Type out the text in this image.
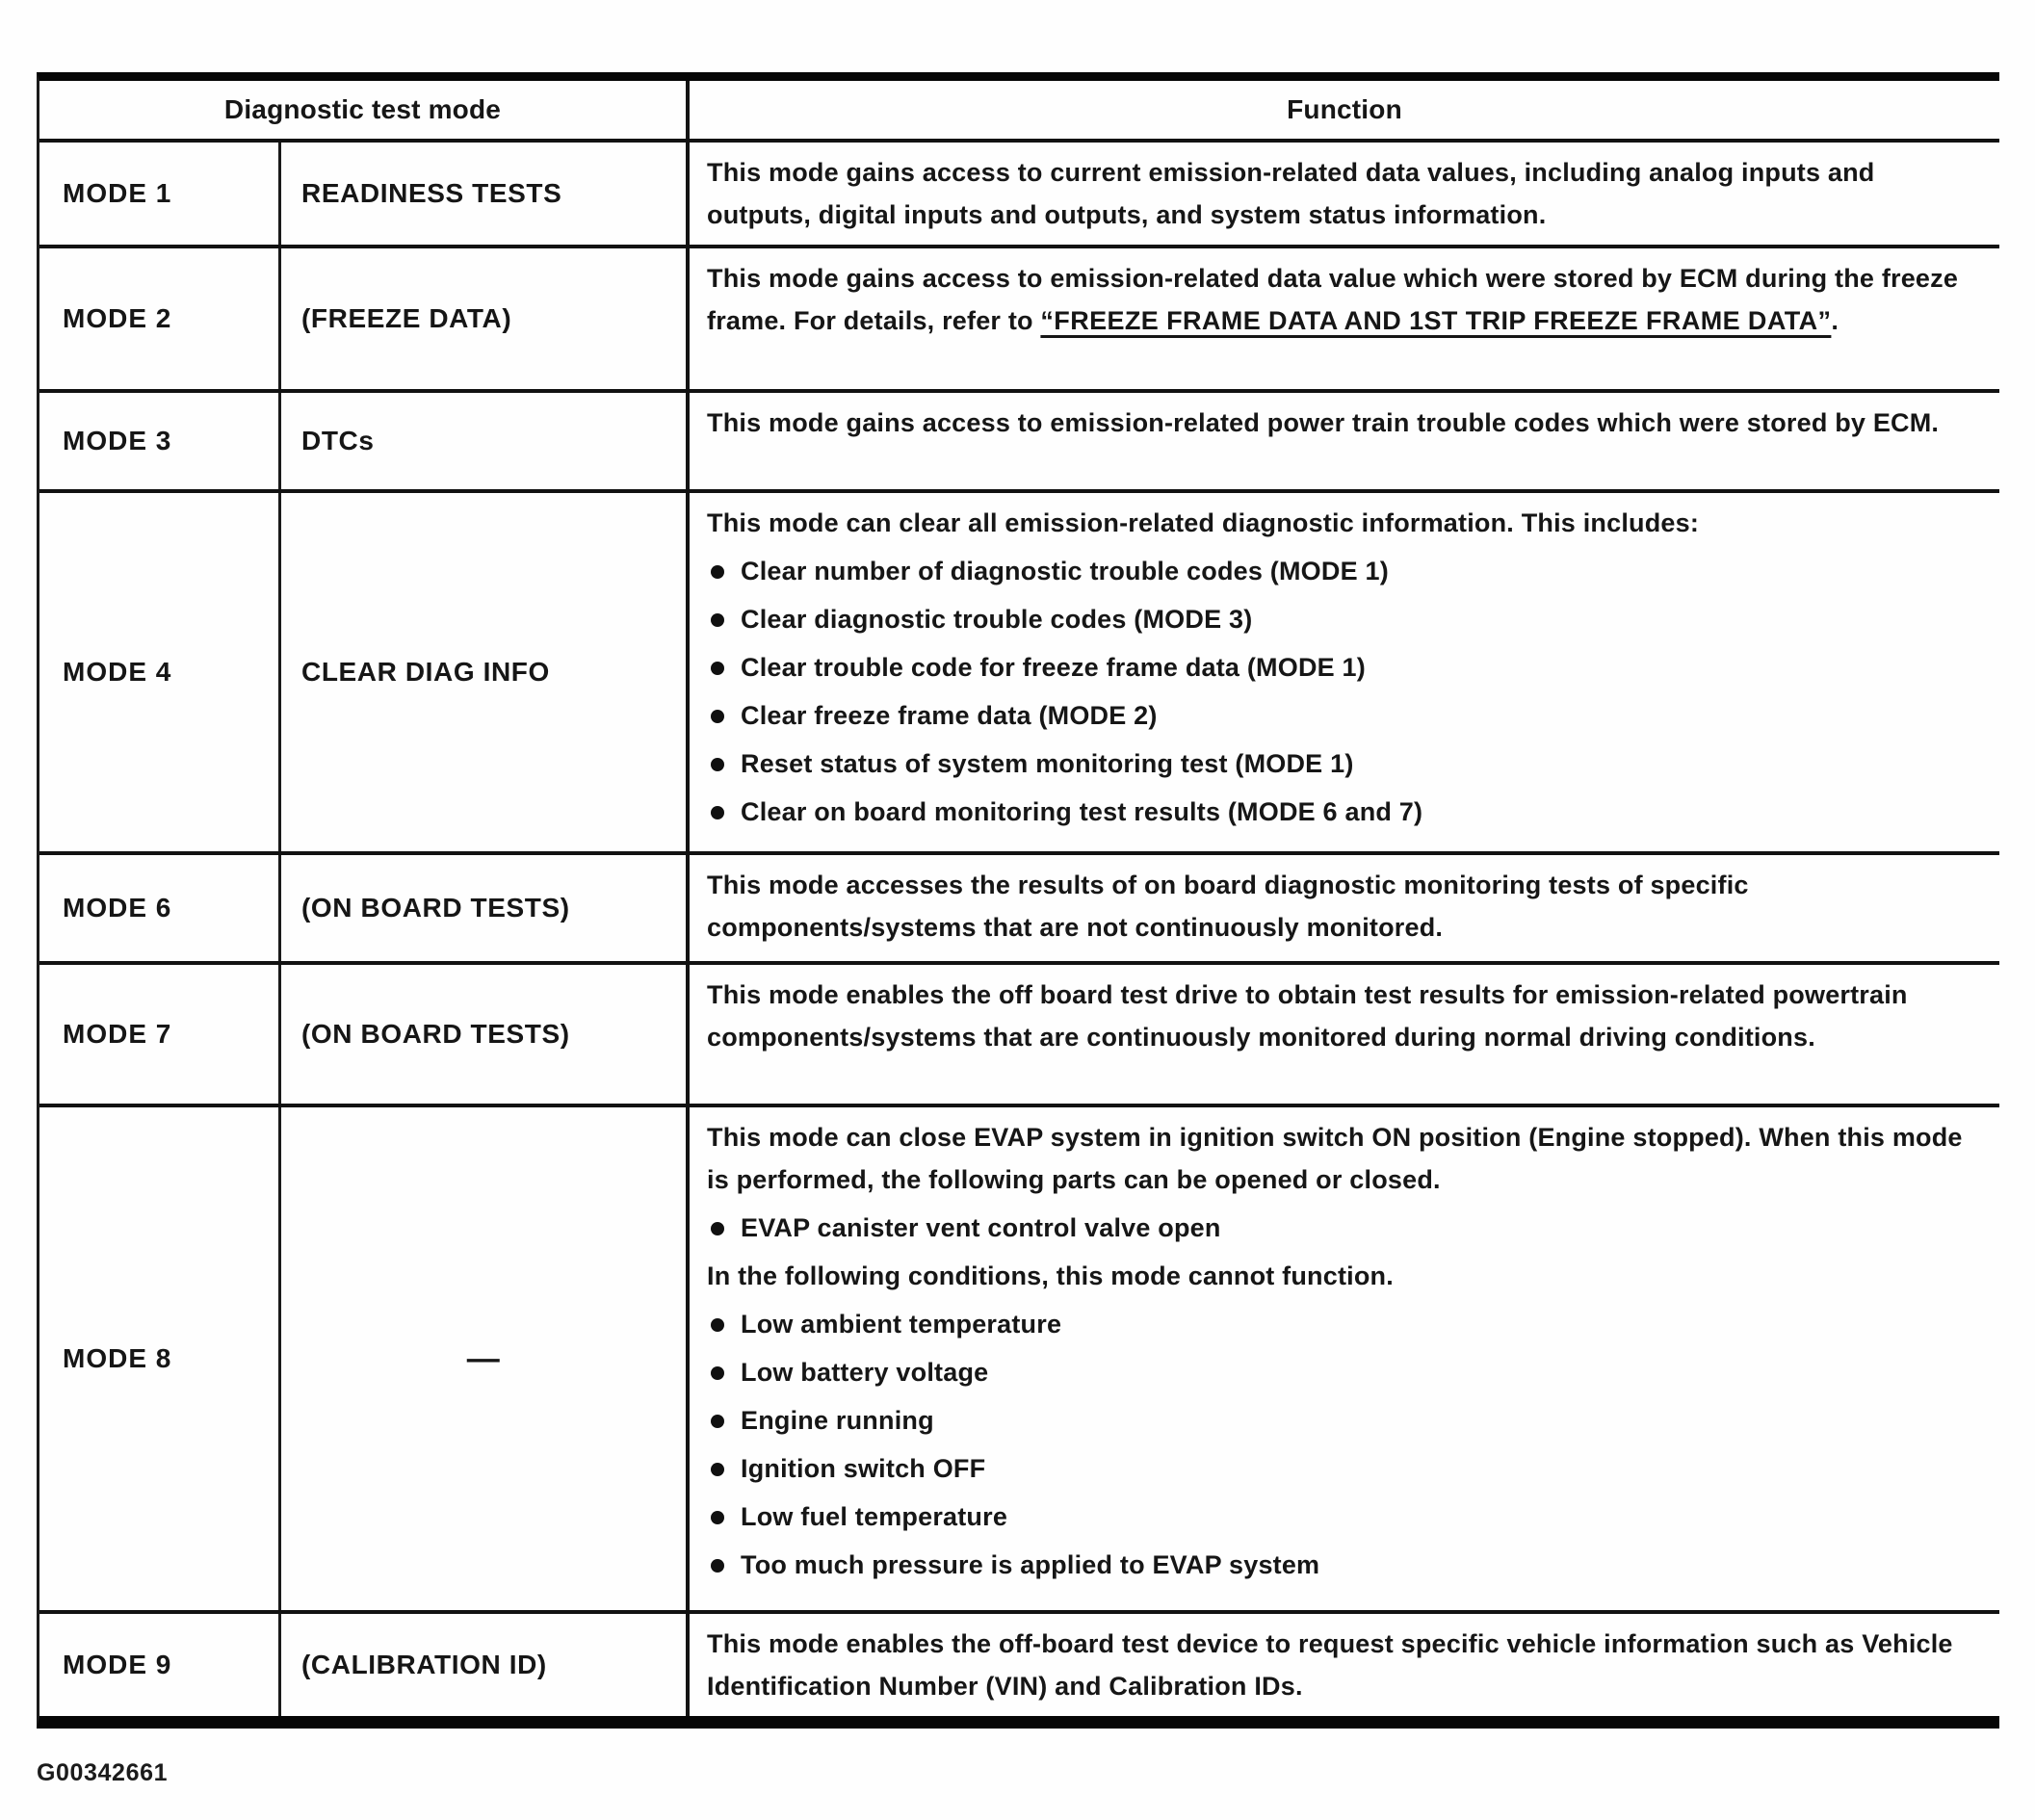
Diagnostic test mode	Function
MODE 1	READINESS TESTS

This mode gains access to current emission-related data values, including analog inputs and outputs, digital inputs and outputs, and system status information.

MODE 2	(FREEZE DATA)

This mode gains access to emission-related data value which were stored by ECM during the freeze frame. For details, refer to “FREEZE FRAME DATA AND 1ST TRIP FREEZE FRAME DATA”.

MODE 3	DTCs

This mode gains access to emission-related power train trouble codes which were stored by ECM.

MODE 4	CLEAR DIAG INFO

This mode can clear all emission-related diagnostic information. This includes:

Clear number of diagnostic trouble codes (MODE 1)
Clear diagnostic trouble codes (MODE 3)
Clear trouble code for freeze frame data (MODE 1)
Clear freeze frame data (MODE 2)
Reset status of system monitoring test (MODE 1)
Clear on board monitoring test results (MODE 6 and 7)
MODE 6	(ON BOARD TESTS)

This mode accesses the results of on board diagnostic monitoring tests of specific components/systems that are not continuously monitored.

MODE 7	(ON BOARD TESTS)

This mode enables the off board test drive to obtain test results for emission-related powertrain components/systems that are continuously monitored during normal driving conditions.

MODE 8	—

This mode can close EVAP system in ignition switch ON position (Engine stopped). When this mode is performed, the following parts can be opened or closed.

EVAP canister vent control valve open

In the following conditions, this mode cannot function.

Low ambient temperature
Low battery voltage
Engine running
Ignition switch OFF
Low fuel temperature
Too much pressure is applied to EVAP system
MODE 9	(CALIBRATION ID)

This mode enables the off-board test device to request specific vehicle information such as Vehicle Identification Number (VIN) and Calibration IDs.

G00342661
